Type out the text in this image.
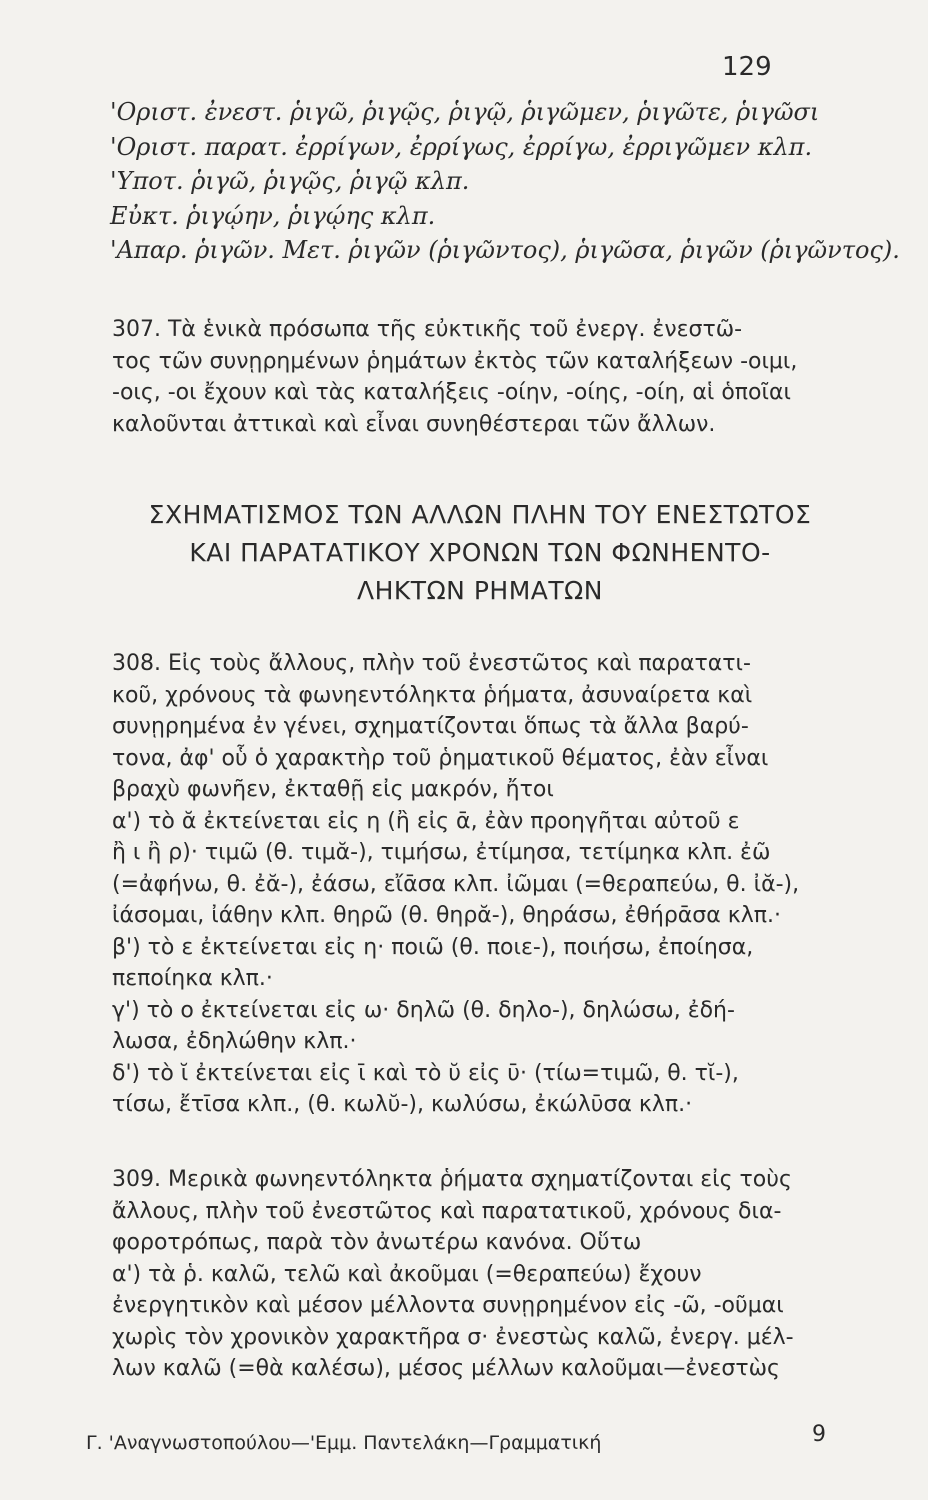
129
'Οριστ. ἐνεστ. ῥιγῶ, ῥιγῷς, ῥιγῷ, ῥιγῶμεν, ῥιγῶτε, ῥιγῶσι
'Οριστ. παρατ. ἐρρίγων, ἐρρίγως, ἐρρίγω, ἐρριγῶμεν κλπ.
'Υποτ. ῥιγῶ, ῥιγῷς, ῥιγῷ κλπ.
Εὐκτ. ῥιγῴην, ῥιγῴης κλπ.
'Απαρ. ῥιγῶν. Μετ. ῥιγῶν (ῥιγῶντος), ῥιγῶσα, ῥιγῶν (ῥιγῶντος).
307. Τὰ ἑνικὰ πρόσωπα τῆς εὐκτικῆς τοῦ ἐνεργ. ἐνεστῶ-
τος τῶν συνῃρημένων ῥημάτων ἐκτὸς τῶν καταλήξεων -οιμι,
-οις, -οι ἔχουν καὶ τὰς καταλήξεις -οίην, -οίης, -οίη, αἱ ὁποῖαι
καλοῦνται ἀττικαὶ καὶ εἶναι συνηθέστεραι τῶν ἄλλων.
ΣΧΗΜΑΤΙΣΜΟΣ ΤΩΝ ΑΛΛΩΝ ΠΛΗΝ ΤΟΥ ΕΝΕΣΤΩΤΟΣ
ΚΑΙ ΠΑΡΑΤΑΤΙΚΟΥ ΧΡΟΝΩΝ ΤΩΝ ΦΩΝΗΕΝΤΟ-
ΛΗΚΤΩΝ ΡΗΜΑΤΩΝ
308. Εἰς τοὺς ἄλλους, πλὴν τοῦ ἐνεστῶτος καὶ παρατατι-
κοῦ, χρόνους τὰ φωνηεντόληκτα ῥήματα, ἀσυναίρετα καὶ
συνῃρημένα ἐν γένει, σχηματίζονται ὅπως τὰ ἄλλα βαρύ-
τονα, ἀφ' οὗ ὁ χαρακτὴρ τοῦ ῥηματικοῦ θέματος, ἐὰν εἶναι
βραχὺ φωνῆεν, ἐκταθῇ εἰς μακρόν, ἤτοι
α') τὸ ᾰ ἐκτείνεται εἰς η (ἢ εἰς ᾱ, ἐὰν προηγῆται αὐτοῦ ε
ἢ ι ἢ ρ)· τιμῶ (θ. τιμᾰ-), τιμήσω, ἐτίμησα, τετίμηκα κλπ. ἐῶ
(=ἀφήνω, θ. ἐᾰ-), ἐάσω, εἴᾱσα κλπ. ἰῶμαι (=θεραπεύω, θ. ἰᾰ-),
ἰάσομαι, ἰάθην κλπ. θηρῶ (θ. θηρᾰ-), θηράσω, ἐθήρᾱσα κλπ.·
β') τὸ ε ἐκτείνεται εἰς η· ποιῶ (θ. ποιε-), ποιήσω, ἐποίησα,
πεποίηκα κλπ.·
γ') τὸ ο ἐκτείνεται εἰς ω· δηλῶ (θ. δηλο-), δηλώσω, ἐδή-
λωσα, ἐδηλώθην κλπ.·
δ') τὸ ῐ ἐκτείνεται εἰς ῑ καὶ τὸ ῠ εἰς ῡ· (τίω=τιμῶ, θ. τῐ-),
τίσω, ἔτῑσα κλπ., (θ. κωλῠ-), κωλύσω, ἐκώλῡσα κλπ.·
309. Μερικὰ φωνηεντόληκτα ῥήματα σχηματίζονται εἰς τοὺς
ἄλλους, πλὴν τοῦ ἐνεστῶτος καὶ παρατατικοῦ, χρόνους δια-
φοροτρόπως, παρὰ τὸν ἀνωτέρω κανόνα. Οὕτω
α') τὰ ῥ. καλῶ, τελῶ καὶ ἀκοῦμαι (=θεραπεύω) ἔχουν
ἐνεργητικὸν καὶ μέσον μέλλοντα συνῃρημένον εἰς -ῶ, -οῦμαι
χωρὶς τὸν χρονικὸν χαρακτῆρα σ· ἐνεστὼς καλῶ, ἐνεργ. μέλ-
λων καλῶ (=θὰ καλέσω), μέσος μέλλων καλοῦμαι—ἐνεστὼς
Γ. 'Αναγνωστοπούλου—'Εμμ. Παντελάκη—Γραμματική	9
